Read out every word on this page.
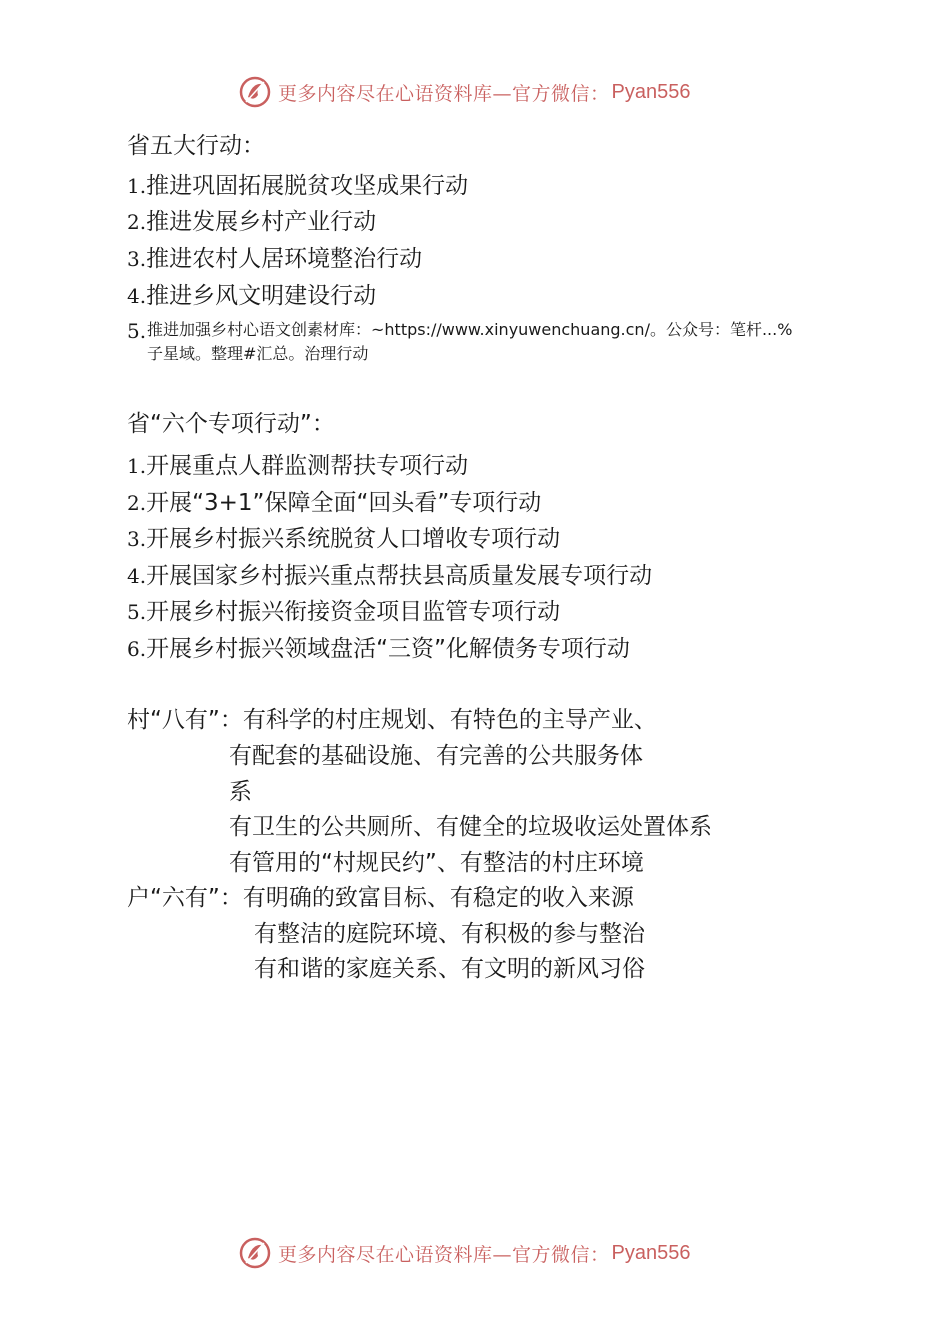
更多内容尽在心语资料库—官方微信： Pyan556
省五大行动：
1.推进巩固拓展脱贫攻坚成果行动
2.推进发展乡村产业行动
3.推进农村人居环境整治行动
4.推进乡风文明建设行动
5. 推进加强乡村心语文创素材库：~https://www.xinyuwenchuang.cn/。公众号：笔杆...%
子星域。整理#汇总。治理行动
省“六个专项行动”：
1.开展重点人群监测帮扶专项行动
2.开展“3+1”保障全面“回头看”专项行动
3.开展乡村振兴系统脱贫人口增收专项行动
4.开展国家乡村振兴重点帮扶县高质量发展专项行动
5.开展乡村振兴衔接资金项目监管专项行动
6.开展乡村振兴领域盘活“三资”化解债务专项行动
村“八有”：有科学的村庄规划、有特色的主导产业、
有配套的基础设施、有完善的公共服务体
系
有卫生的公共厕所、有健全的垃圾收运处置体系
有管用的“村规民约”、有整洁的村庄环境
户“六有”：有明确的致富目标、有稳定的收入来源
有整洁的庭院环境、有积极的参与整治
有和谐的家庭关系、有文明的新风习俗
更多内容尽在心语资料库—官方微信： Pyan556
